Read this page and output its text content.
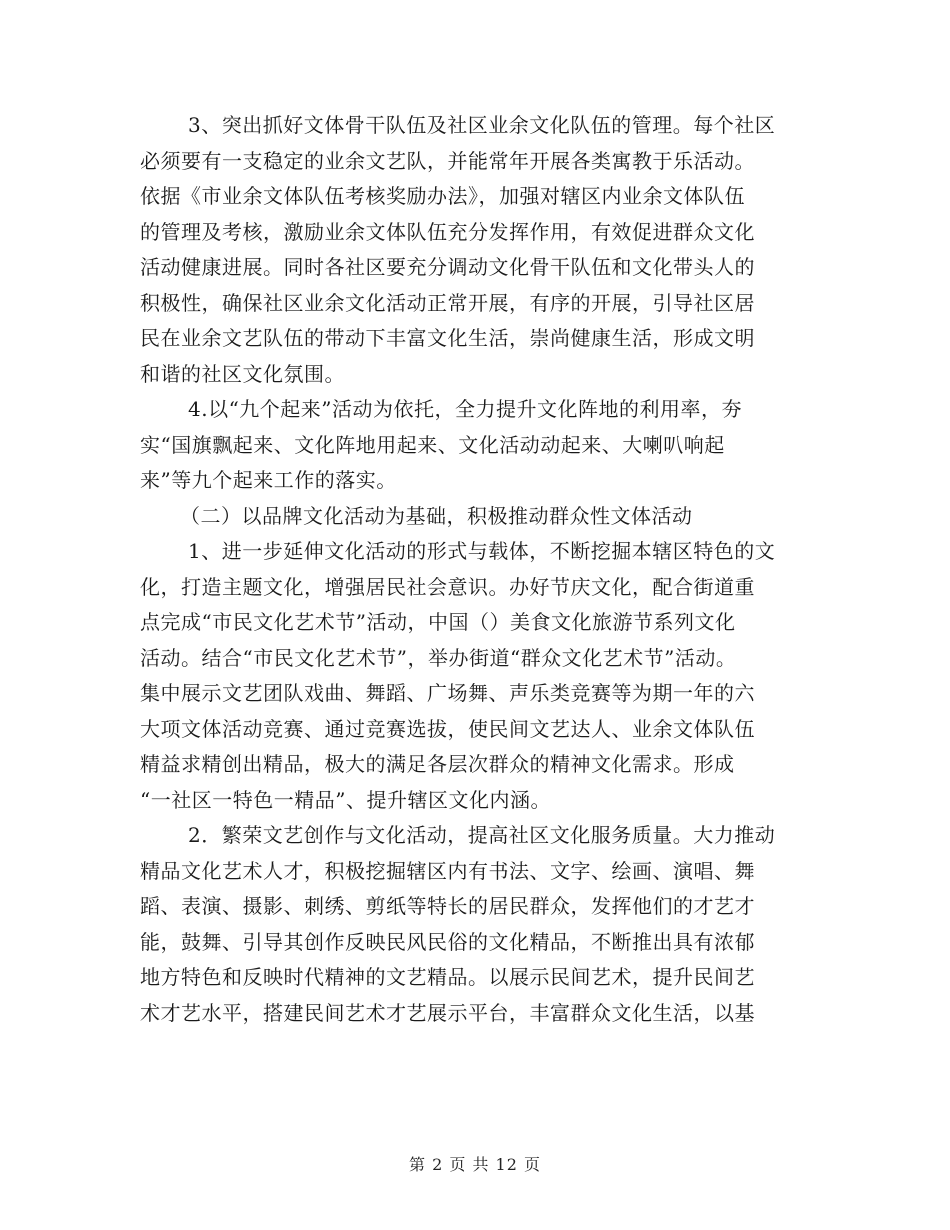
3、突出抓好文体骨干队伍及社区业余文化队伍的管理。每个社区
必须要有一支稳定的业余文艺队，并能常年开展各类寓教于乐活动。
依据《市业余文体队伍考核奖励办法》，加强对辖区内业余文体队伍
的管理及考核，激励业余文体队伍充分发挥作用，有效促进群众文化
活动健康进展。同时各社区要充分调动文化骨干队伍和文化带头人的
积极性，确保社区业余文化活动正常开展，有序的开展，引导社区居
民在业余文艺队伍的带动下丰富文化生活，崇尚健康生活，形成文明
和谐的社区文化氛围。
4.以“九个起来”活动为依托，全力提升文化阵地的利用率，夯
实“国旗飘起来、文化阵地用起来、文化活动动起来、大喇叭响起
来”等九个起来工作的落实。
（二）以品牌文化活动为基础，积极推动群众性文体活动
1、进一步延伸文化活动的形式与载体，不断挖掘本辖区特色的文
化，打造主题文化，增强居民社会意识。办好节庆文化，配合街道重
点完成“市民文化艺术节”活动，中国（）美食文化旅游节系列文化
活动。结合“市民文化艺术节”，举办街道“群众文化艺术节”活动。
集中展示文艺团队戏曲、舞蹈、广场舞、声乐类竞赛等为期一年的六
大项文体活动竞赛、通过竞赛选拔，使民间文艺达人、业余文体队伍
精益求精创出精品，极大的满足各层次群众的精神文化需求。形成
“一社区一特色一精品”、提升辖区文化内涵。
2．繁荣文艺创作与文化活动，提高社区文化服务质量。大力推动
精品文化艺术人才，积极挖掘辖区内有书法、文字、绘画、演唱、舞
蹈、表演、摄影、刺绣、剪纸等特长的居民群众，发挥他们的才艺才
能，鼓舞、引导其创作反映民风民俗的文化精品，不断推出具有浓郁
地方特色和反映时代精神的文艺精品。以展示民间艺术，提升民间艺
术才艺水平，搭建民间艺术才艺展示平台，丰富群众文化生活，以基
第 2 页 共 12 页
